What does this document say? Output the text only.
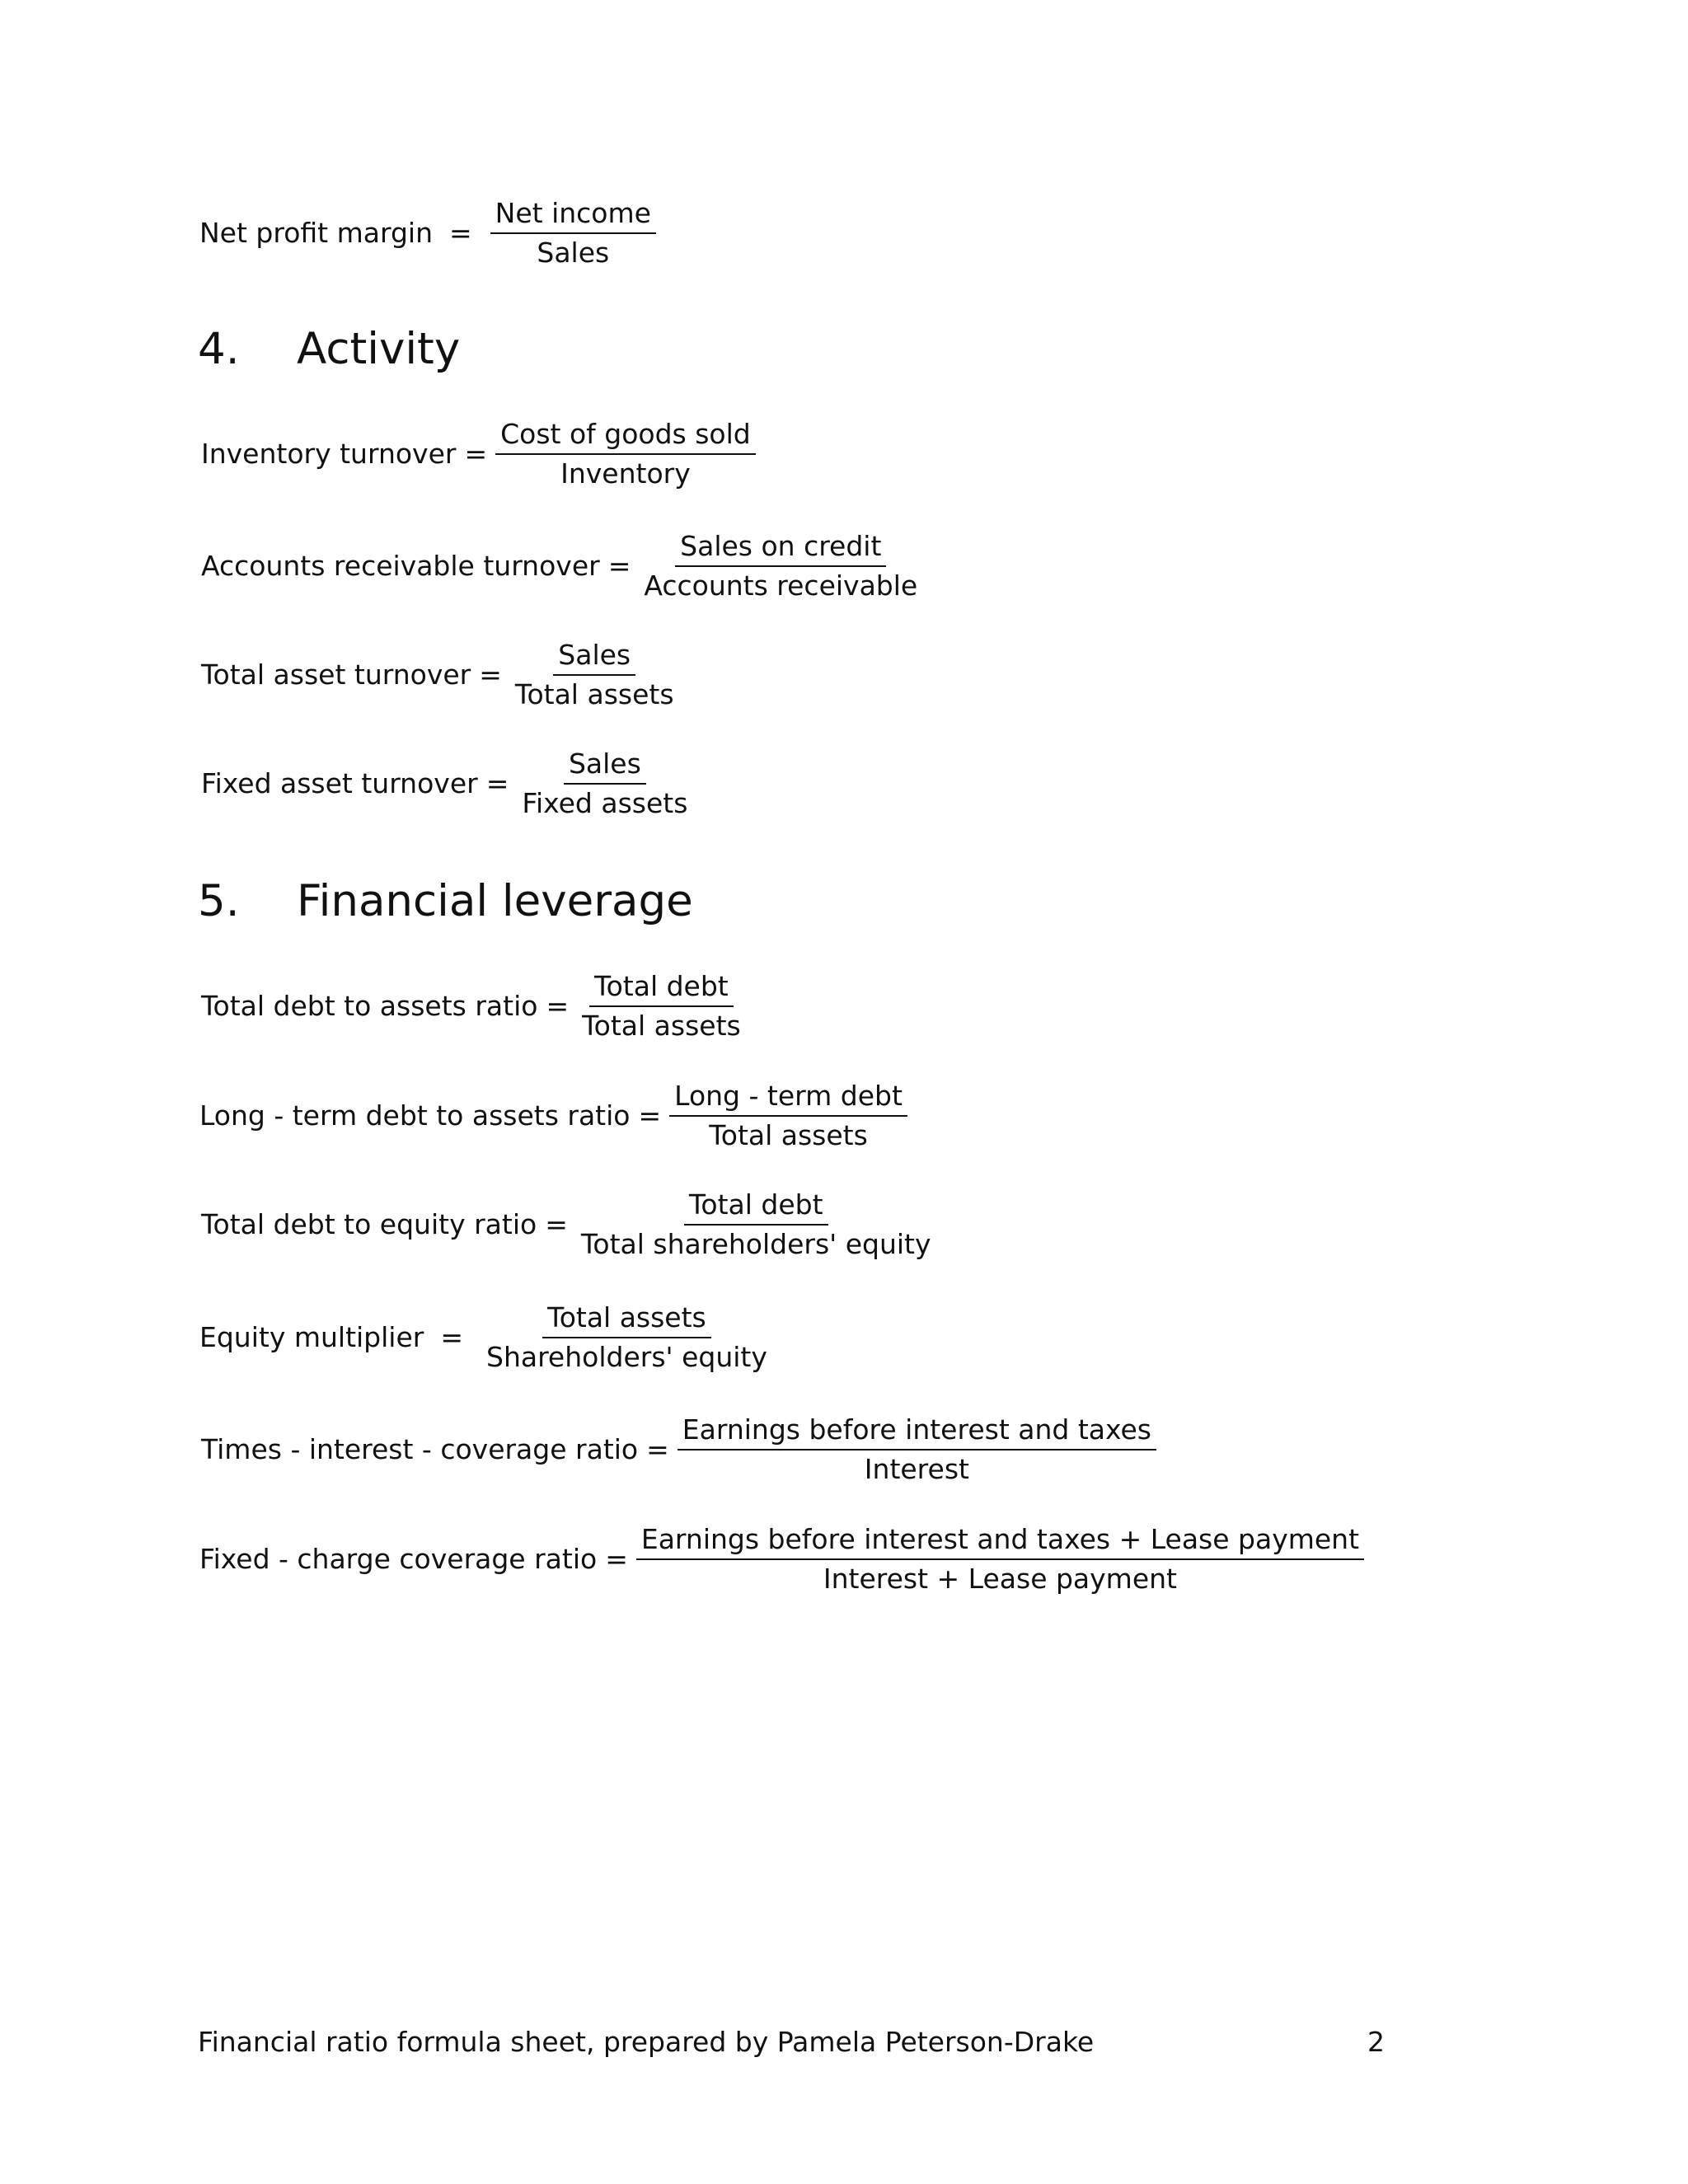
Net profit margin = $\frac{\text{Net income}}{\text{Sales}}$
4.	Activity
Inventory turnover = $\frac{\text{Cost of goods sold}}{\text{Inventory}}$
Accounts receivable turnover = $\frac{\text{Sales on credit}}{\text{Accounts receivable}}$
Total asset turnover = $\frac{\text{Sales}}{\text{Total assets}}$
Fixed asset turnover = $\frac{\text{Sales}}{\text{Fixed assets}}$
5.	Financial leverage
Total debt to assets ratio = $\frac{\text{Total debt}}{\text{Total assets}}$
Long - term debt to assets ratio = $\frac{\text{Long - term debt}}{\text{Total assets}}$
Total debt to equity ratio = $\frac{\text{Total debt}}{\text{Total shareholders' equity}}$
Equity multiplier = $\frac{\text{Total assets}}{\text{Shareholders' equity}}$
Times - interest - coverage ratio = $\frac{\text{Earnings before interest and taxes}}{\text{Interest}}$
Fixed - charge coverage ratio = $\frac{\text{Earnings before interest and taxes + Lease payment}}{\text{Interest + Lease payment}}$
Financial ratio formula sheet, prepared by Pamela Peterson-Drake	2
